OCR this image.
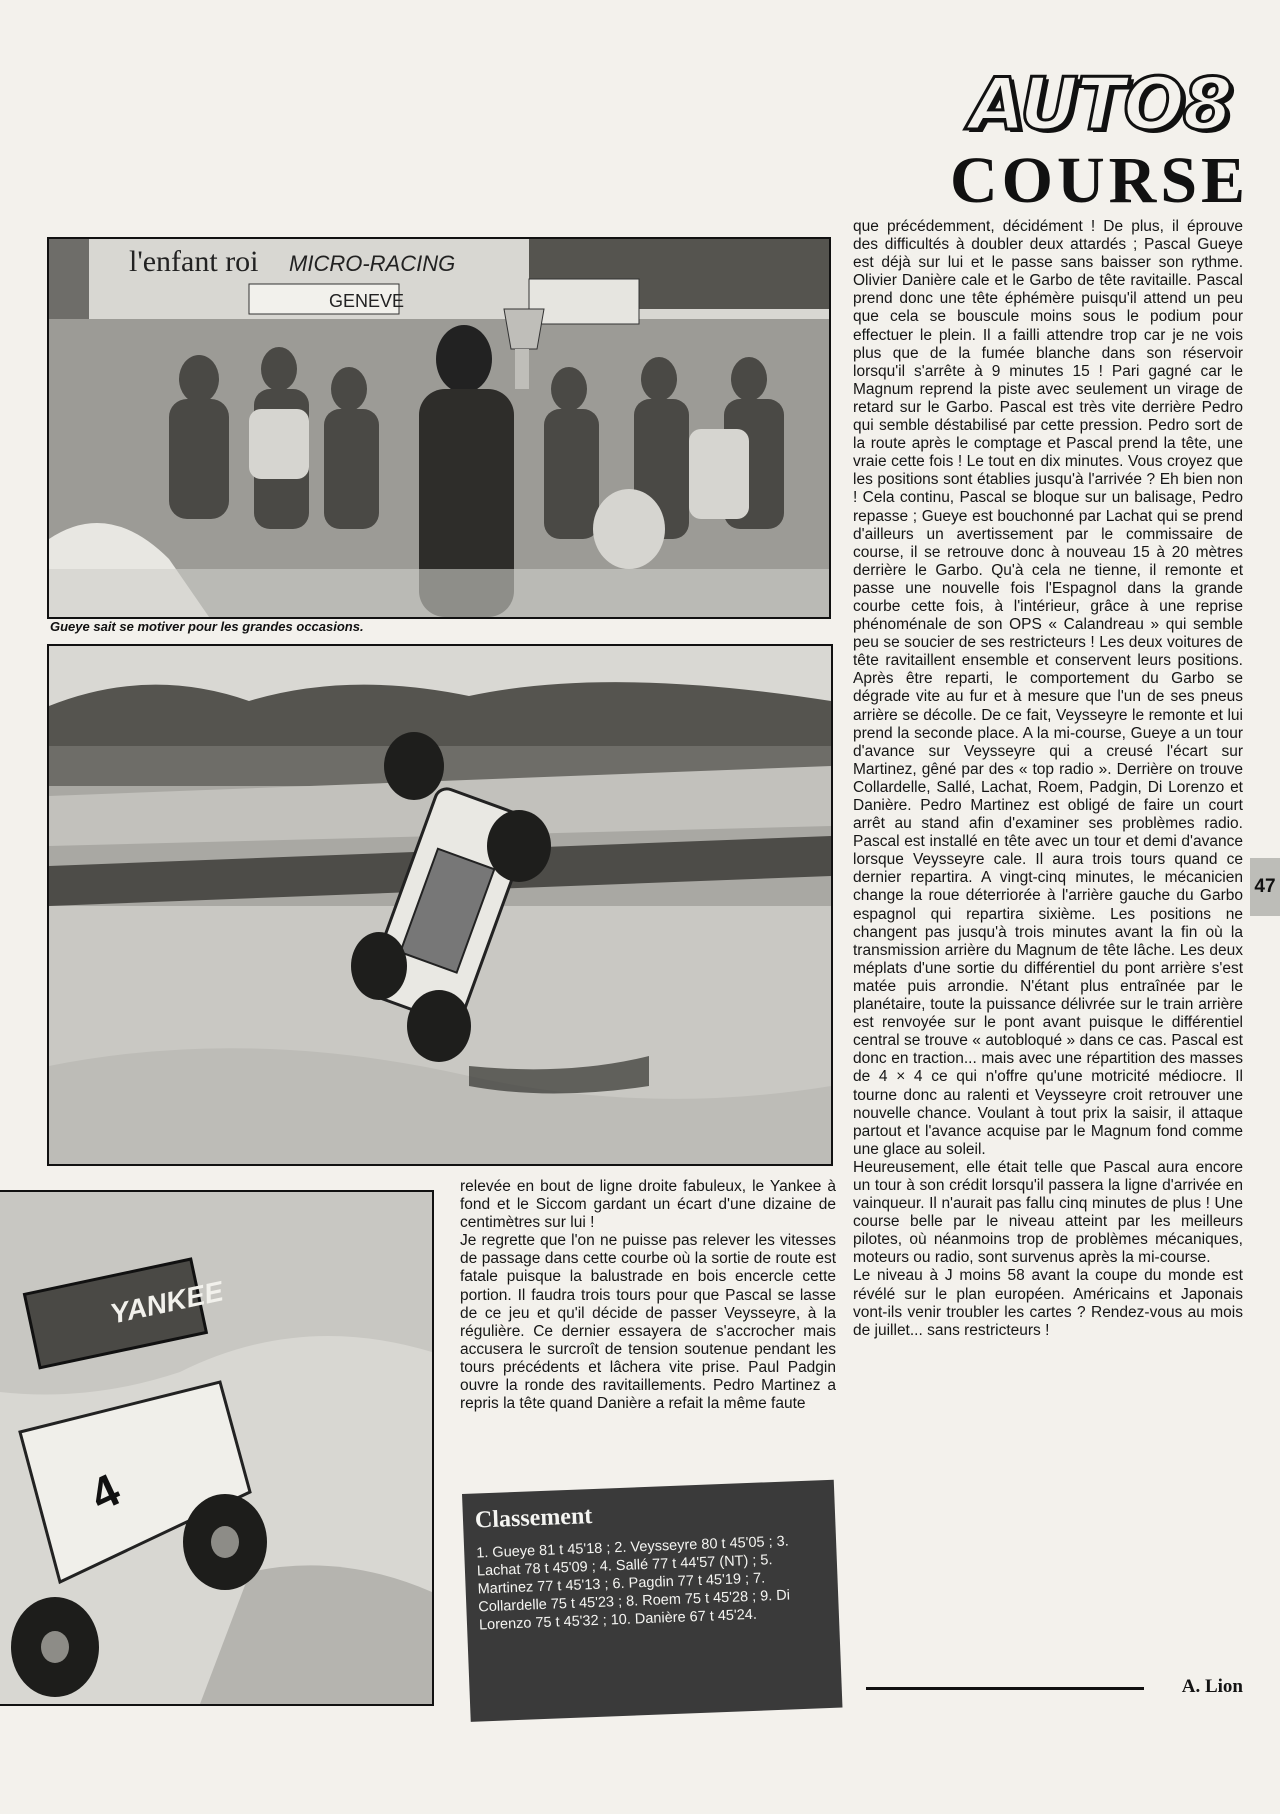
AUTO8
COURSE
l'enfant roi MICRO-RACING
GENEVE
Gueye sait se motiver pour les grandes occasions.
YANKEE
4

que précédemment, décidément ! De plus, il éprouve des difficultés à doubler deux attardés ; Pascal Gueye est déjà sur lui et le passe sans baisser son rythme. Olivier Danière cale et le Garbo de tête ravitaille. Pascal prend donc une tête éphémère puisqu'il attend un peu que cela se bouscule moins sous le podium pour effectuer le plein. Il a failli attendre trop car je ne vois plus que de la fumée blanche dans son réservoir lorsqu'il s'arrête à 9 minutes 15 ! Pari gagné car le Magnum reprend la piste avec seulement un virage de retard sur le Garbo. Pascal est très vite derrière Pedro qui semble déstabilisé par cette pression. Pedro sort de la route après le comptage et Pascal prend la tête, une vraie cette fois ! Le tout en dix minutes. Vous croyez que les positions sont établies jusqu'à l'arrivée ? Eh bien non ! Cela continu, Pascal se bloque sur un balisage, Pedro repasse ; Gueye est bouchonné par Lachat qui se prend d'ailleurs un avertissement par le commissaire de course, il se retrouve donc à nouveau 15 à 20 mètres derrière le Garbo. Qu'à cela ne tienne, il remonte et passe une nouvelle fois l'Espagnol dans la grande courbe cette fois, à l'intérieur, grâce à une reprise phénoménale de son OPS « Calandreau » qui semble peu se soucier de ses restricteurs ! Les deux voitures de tête ravitaillent ensemble et conservent leurs positions. Après être reparti, le comportement du Garbo se dégrade vite au fur et à mesure que l'un de ses pneus arrière se décolle. De ce fait, Veysseyre le remonte et lui prend la seconde place. A la mi-course, Gueye a un tour d'avance sur Veysseyre qui a creusé l'écart sur Martinez, gêné par des « top radio ». Derrière on trouve Collardelle, Sallé, Lachat, Roem, Padgin, Di Lorenzo et Danière. Pedro Martinez est obligé de faire un court arrêt au stand afin d'examiner ses problèmes radio. Pascal est installé en tête avec un tour et demi d'avance lorsque Veysseyre cale. Il aura trois tours quand ce dernier repartira. A vingt-cinq minutes, le mécanicien change la roue déterriorée à l'arrière gauche du Garbo espagnol qui repartira sixième. Les positions ne changent pas jusqu'à trois minutes avant la fin où la transmission arrière du Magnum de tête lâche. Les deux méplats d'une sortie du différentiel du pont arrière s'est matée puis arrondie. N'étant plus entraînée par le planétaire, toute la puissance délivrée sur le train arrière est renvoyée sur le pont avant puisque le différentiel central se trouve « autobloqué » dans ce cas. Pascal est donc en traction... mais avec une répartition des masses de 4 × 4 ce qui n'offre qu'une motricité médiocre. Il tourne donc au ralenti et Veysseyre croit retrouver une nouvelle chance. Voulant à tout prix la saisir, il attaque partout et l'avance acquise par le Magnum fond comme une glace au soleil.

Heureusement, elle était telle que Pascal aura encore un tour à son crédit lorsqu'il passera la ligne d'arrivée en vainqueur. Il n'aurait pas fallu cinq minutes de plus ! Une course belle par le niveau atteint par les meilleurs pilotes, où néanmoins trop de problèmes mécaniques, moteurs ou radio, sont survenus après la mi-course.

Le niveau à J moins 58 avant la coupe du monde est révélé sur le plan européen. Américains et Japonais vont-ils venir troubler les cartes ? Rendez-vous au mois de juillet... sans restricteurs !

relevée en bout de ligne droite fabuleux, le Yankee à fond et le Siccom gardant un écart d'une dizaine de centimètres sur lui !

Je regrette que l'on ne puisse pas relever les vitesses de passage dans cette courbe où la sortie de route est fatale puisque la balustrade en bois encercle cette portion. Il faudra trois tours pour que Pascal se lasse de ce jeu et qu'il décide de passer Veysseyre, à la régulière. Ce dernier essayera de s'accrocher mais accusera le surcroît de tension soutenue pendant les tours précédents et lâchera vite prise. Paul Padgin ouvre la ronde des ravitaillements. Pedro Martinez a repris la tête quand Danière a refait la même faute

Classement
1. Gueye 81 t 45'18 ; 2. Veysseyre 80 t 45'05 ; 3. Lachat 78 t 45'09 ; 4. Sallé 77 t 44'57 (NT) ; 5. Martinez 77 t 45'13 ; 6. Pagdin 77 t 45'19 ; 7. Collardelle 75 t 45'23 ; 8. Roem 75 t 45'28 ; 9. Di Lorenzo 75 t 45'32 ; 10. Danière 67 t 45'24.
A. Lion
47
